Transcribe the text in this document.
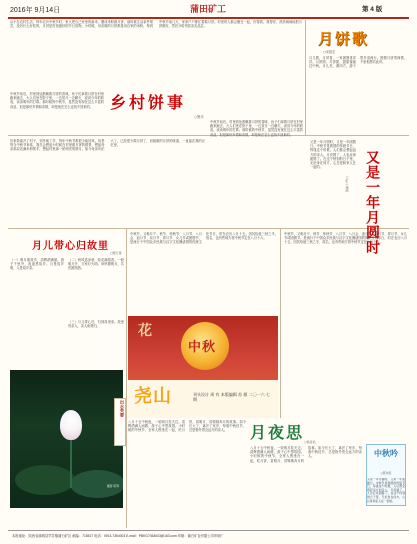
2016年 9月14日	蒲田矿工	第 4 版
从小在农村生活，每年农历中秋节时，家人把自己家里的新米，磨成米粉做月饼，那时候生活条件艰苦，没有什么好吃的，月饼是村里最好的节日食物。小时候，母亲做的月饼都是用自家的米粉，每到中秋节前几天，家家户户都忙着做月饼。村里的人都会聚在一起，你帮我，我帮你，热热闹闹地把月饼做好，然后分给邻居亲友品尝。
乡村饼事
○鲁乐
中秋节前后，村里到处都飘着月饼的香味，孩子们拿着月饼在村里跑来跑去，大人们坐在院子里，一边赏月一边聊天，说说今年的收成，谈谈明年的打算。那时候的中秋节，虽然没有现在这么丰富的食品，但是那份乡情和亲情，却是现在怎么也找不回来的。
后来我离开了村子，到外地工作，每年中秋节都很少能回家。但是每当中秋节来临，我总会想起小时候在村里做月饼的情景，想起母亲那双沾满米粉的手，想起村里那一轮明亮的圆月。如今母亲年纪大了，已经很少做月饼了，但她做的月饼的味道，一直留在我的记忆里。
中秋节前后，村里到处都飘着月饼的香味，孩子们拿着月饼在村里跑来跑去，大人们坐在院子里，一边赏月一边聊天，说说今年的收成，谈谈明年的打算。那时候的中秋节，虽然没有现在这么丰富的食品，但是那份乡情和亲情，却是现在怎么也找不回来的。
月饼歌
○宋振宏
月儿圆，月饼香，一家团圆喜洋洋。月饼圆，月饼甜，甜甜蜜蜜过中秋。月儿亮，照四方，游子思乡泪两行。圆圆月饼寄深情，千里相思共此时。
又是一年月圆时，又是一年团圆日。中秋节是我国的传统节日，每逢这个时候，人们都会想起远方的亲人。月亮圆了，人也应该团圆了。在这个特别的日子里，无论身在何方，心总是和家人在一起的。
○矿工 施丽	又是一年月圆时
中秋节，又称月夕、秋节、仲秋节、八月节、八月会、追月节、玩月节、拜月节、女儿节或团圆节，是流行于中国众多民族与汉字文化圈诸国的传统文化节日，时在农历八月十五。因其恰值三秋之半，故名，也有些地方将中秋节定在八月十六。
月儿带心归故里
○陈红星
（一）明月照故乡，清辉洒满窗。游子千里外，夜夜思故乡。月是故乡明，人是故乡亲。
（二）秋风送凉意，桂花满园香。一轮明月升，万家灯火明。举杯邀明月，共饮团圆酒。
（三）月儿带心归，归到故里来。故里有亲人，亲人盼我归。
中秋节，又称月夕、秋节、仲秋节、八月节、八月会、追月节、玩月节、拜月节、女儿节或团圆节，是流行于中国众多民族与汉字文化圈诸国的传统文化节日，时在农历八月十五。因其恰值三秋之半，故名，也有些地方将中秋节定在八月十六。
花
中秋
尧山	刊头设计 周 有 本版编辑 苏 雁 二〇一六·七期
摄影 陈辉
出水芙蓉
八月十五中秋夜，一轮明月挂天边。清辉洒满人间路，游子心中思故园。小时候的中秋节，全家人围坐在一起，吃月饼，赏明月，讲嫦娥奔月的故事。如今长大了，离开了家乡，每逢中秋佳节，总是格外思念远方的亲人。	月夜思 ○杨宣松
八月十五中秋夜，一轮明月挂天边。清辉洒满人间路，游子心中思故园。小时候的中秋节，全家人围坐在一起，吃月饼，赏明月，讲嫦娥奔月的故事。如今长大了，离开了家乡，每逢中秋佳节，总是格外思念远方的亲人。	中秋吟
○陈伟民
又是一年月圆时，又是一年团圆日。中秋节是我国的传统节日，每逢这个时候，人们都会想起远方的亲人。月亮圆了，人也应该团圆了。在这个特别的日子里，无论身在何方，心总是和家人在一起的。
本报地址：陕西省蒲城县罕井镇蒲白矿区 邮编：715517 电话：0913-7364003 E-mail：PBKG7364003@163.com 印刷：蒲白矿业有限公司印刷厂
